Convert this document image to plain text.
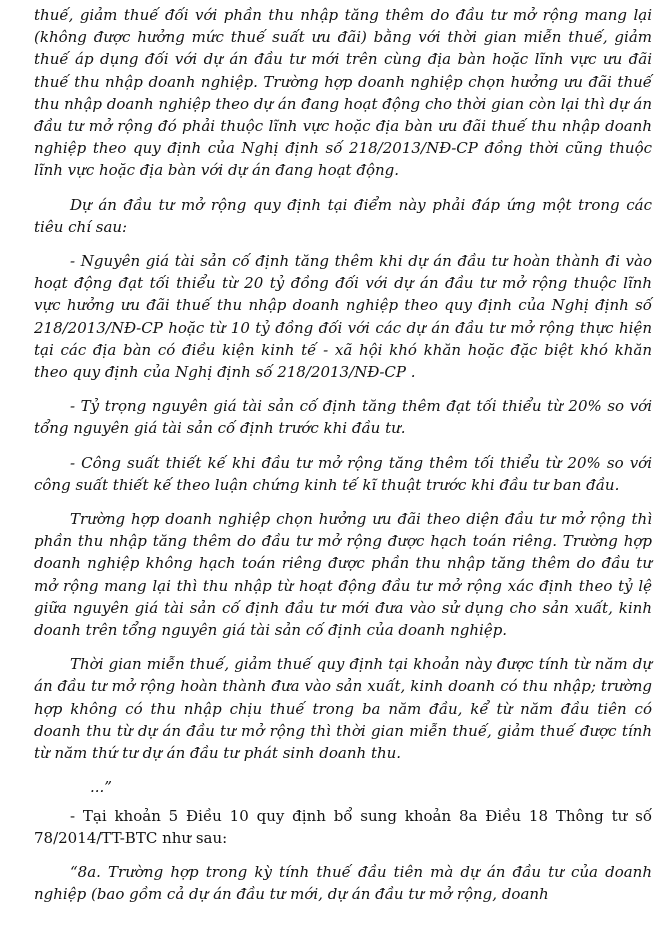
thuế, giảm thuế đối với phần thu nhập tăng thêm do đầu tư mở rộng mang lại (không được hưởng mức thuế suất ưu đãi) bằng với thời gian miễn thuế, giảm thuế áp dụng đối với dự án đầu tư mới trên cùng địa bàn hoặc lĩnh vực ưu đãi thuế thu nhập doanh nghiệp. Trường hợp doanh nghiệp chọn hưởng ưu đãi thuế thu nhập doanh nghiệp theo dự án đang hoạt động cho thời gian còn lại thì dự án đầu tư mở rộng đó phải thuộc lĩnh vực hoặc địa bàn ưu đãi thuế thu nhập doanh nghiệp theo quy định của Nghị định số 218/2013/NĐ-CP đồng thời cũng thuộc lĩnh vực hoặc địa bàn với dự án đang hoạt động.

Dự án đầu tư mở rộng quy định tại điểm này phải đáp ứng một trong các tiêu chí sau:

- Nguyên giá tài sản cố định tăng thêm khi dự án đầu tư hoàn thành đi vào hoạt động đạt tối thiểu từ 20 tỷ đồng đối với dự án đầu tư mở rộng thuộc lĩnh vực hưởng ưu đãi thuế thu nhập doanh nghiệp theo quy định của Nghị định số 218/2013/NĐ-CP hoặc từ 10 tỷ đồng đối với các dự án đầu tư mở rộng thực hiện tại các địa bàn có điều kiện kinh tế - xã hội khó khăn hoặc đặc biệt khó khăn theo quy định của Nghị định số 218/2013/NĐ-CP .

- Tỷ trọng nguyên giá tài sản cố định tăng thêm đạt tối thiểu từ 20% so với tổng nguyên giá tài sản cố định trước khi đầu tư.

- Công suất thiết kế khi đầu tư mở rộng tăng thêm tối thiểu từ 20% so với công suất thiết kế theo luận chứng kinh tế kĩ thuật trước khi đầu tư ban đầu.

Trường hợp doanh nghiệp chọn hưởng ưu đãi theo diện đầu tư mở rộng thì phần thu nhập tăng thêm do đầu tư mở rộng được hạch toán riêng. Trường hợp doanh nghiệp không hạch toán riêng được phần thu nhập tăng thêm do đầu tư mở rộng mang lại thì thu nhập từ hoạt động đầu tư mở rộng xác định theo tỷ lệ giữa nguyên giá tài sản cố định đầu tư mới đưa vào sử dụng cho sản xuất, kinh doanh trên tổng nguyên giá tài sản cố định của doanh nghiệp.

Thời gian miễn thuế, giảm thuế quy định tại khoản này được tính từ năm dự án đầu tư mở rộng hoàn thành đưa vào sản xuất, kinh doanh có thu nhập; trường hợp không có thu nhập chịu thuế trong ba năm đầu, kể từ năm đầu tiên có doanh thu từ dự án đầu tư mở rộng thì thời gian miễn thuế, giảm thuế được tính từ năm thứ tư dự án đầu tư phát sinh doanh thu.

...”

- Tại khoản 5 Điều 10 quy định bổ sung khoản 8a Điều 18 Thông tư số 78/2014/TT-BTC như sau:

“8a. Trường hợp trong kỳ tính thuế đầu tiên mà dự án đầu tư của doanh nghiệp (bao gồm cả dự án đầu tư mới, dự án đầu tư mở rộng, doanh
